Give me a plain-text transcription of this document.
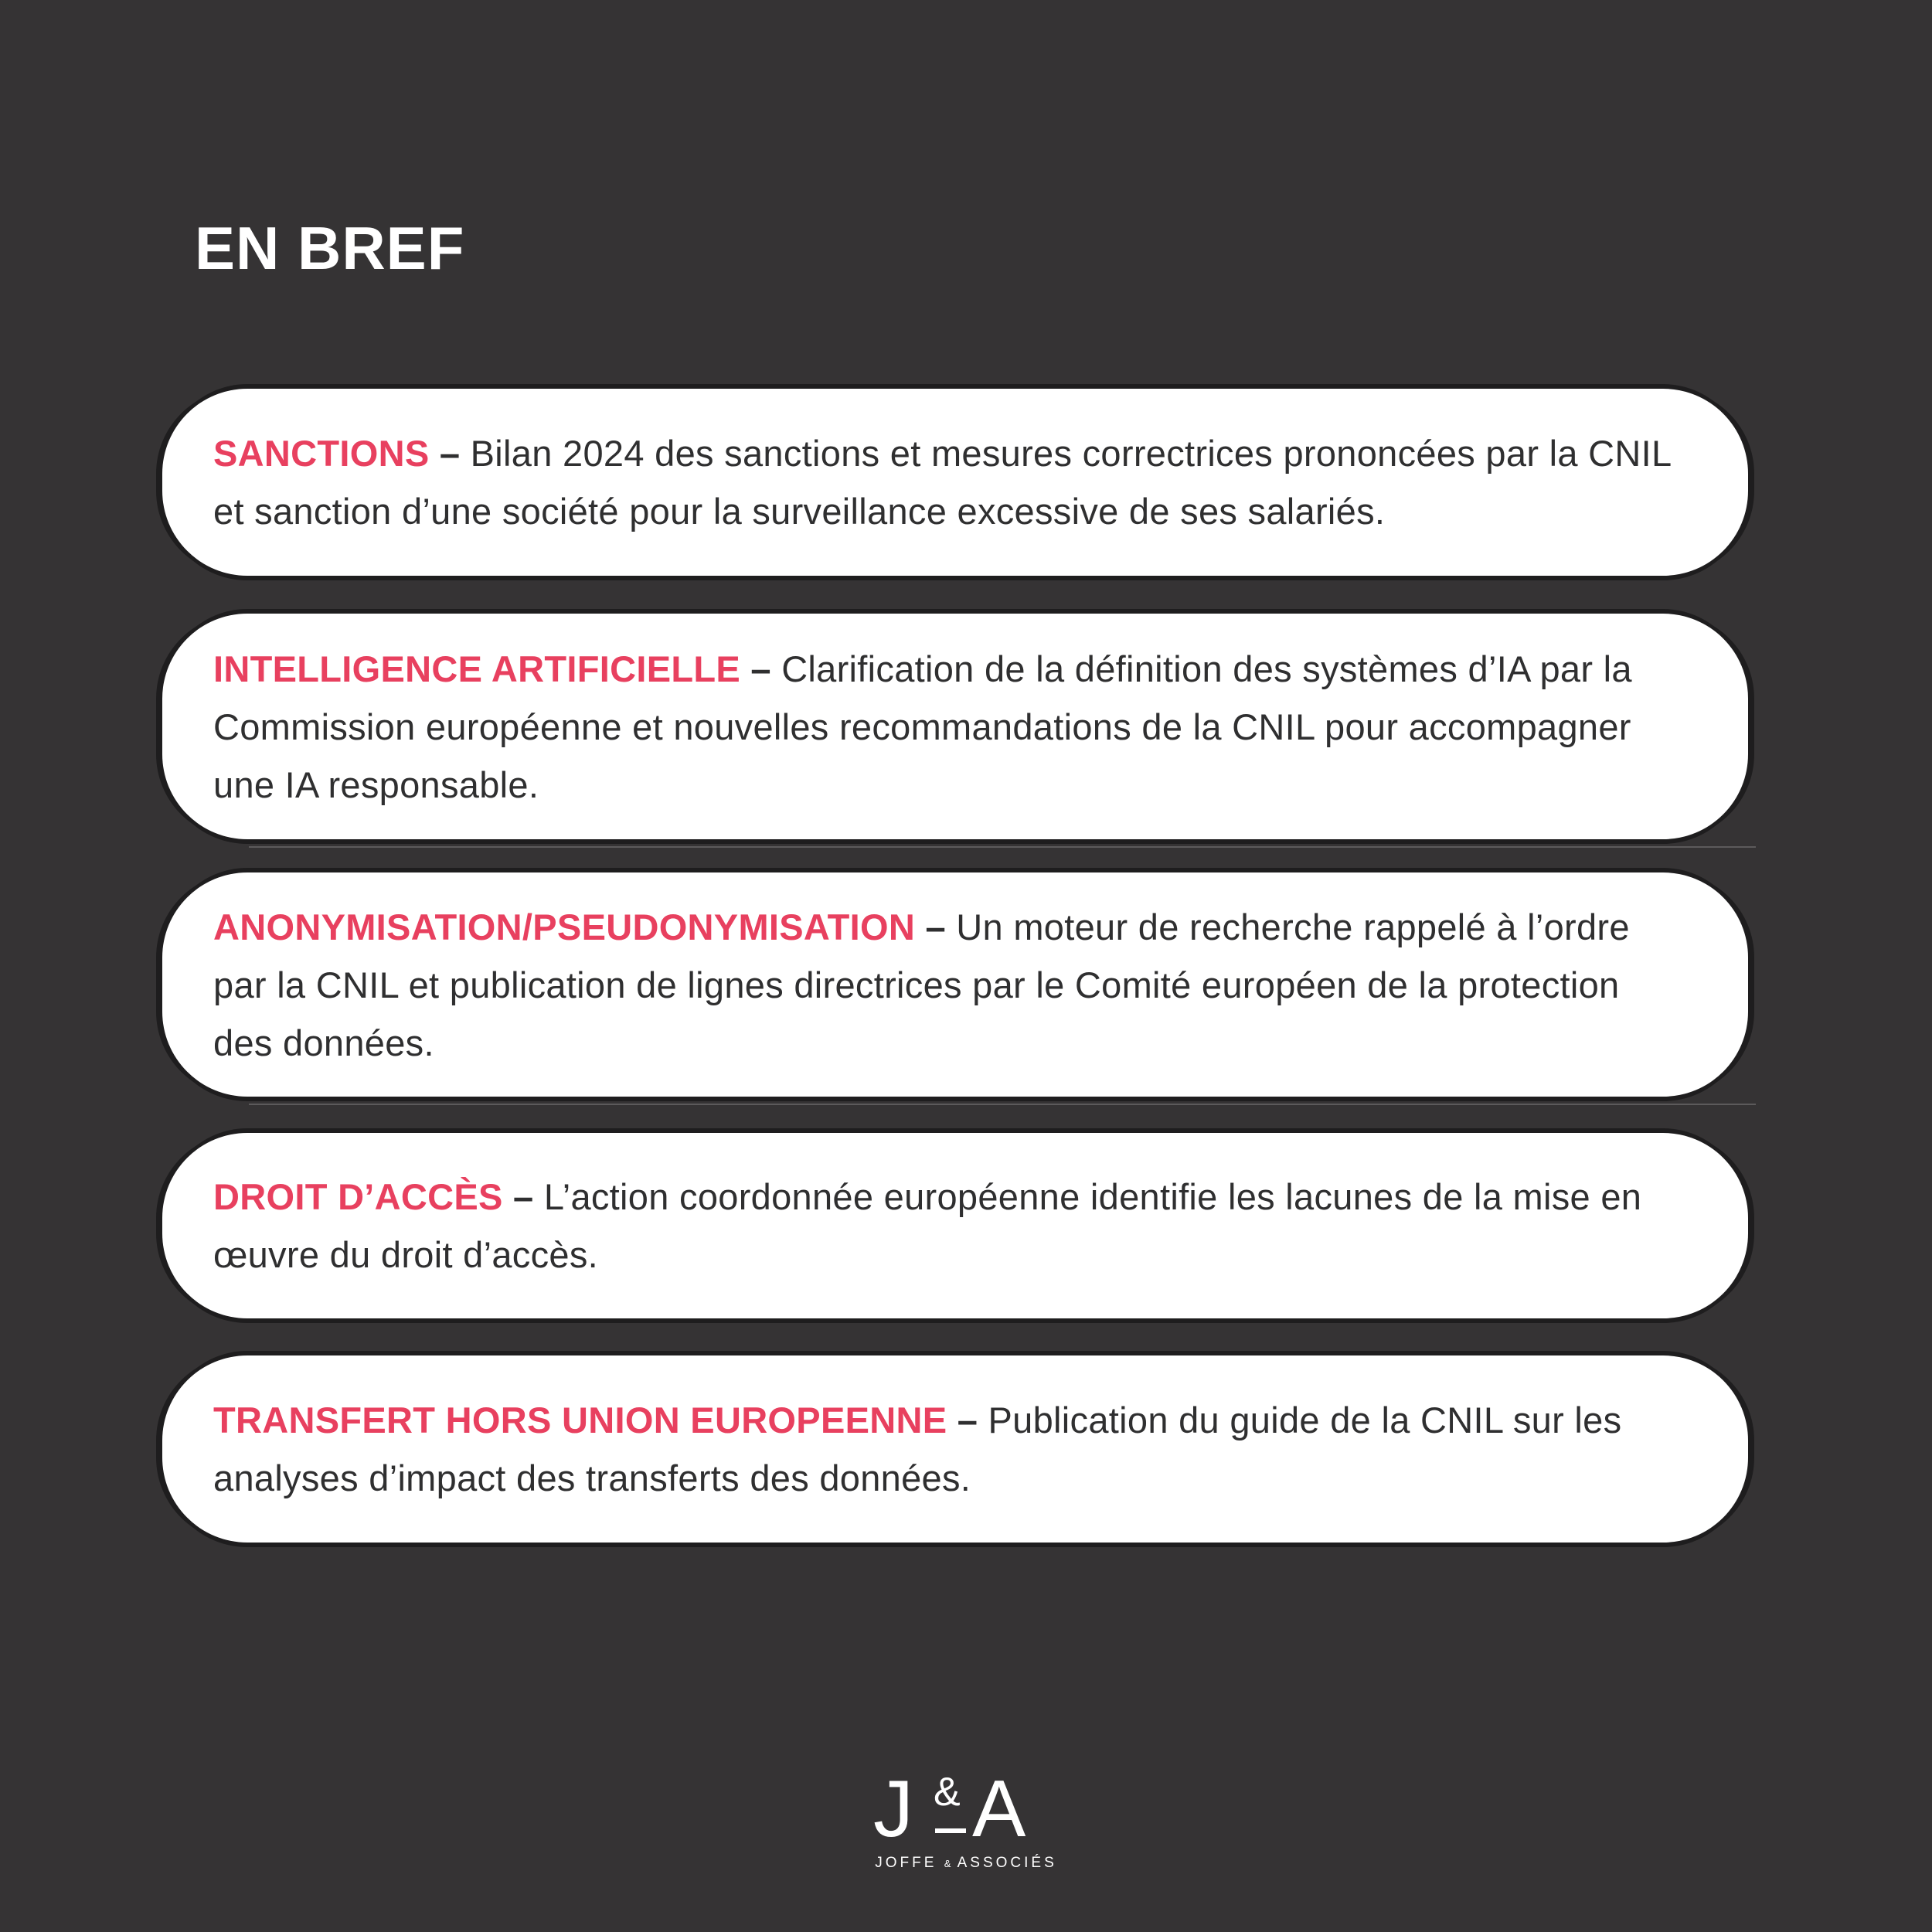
EN BREF

SANCTIONS – Bilan 2024 des sanctions et mesures correctrices prononcées par la CNIL et sanction d’une société pour la surveillance excessive de ses salariés.

INTELLIGENCE ARTIFICIELLE – Clarification de la définition des systèmes d’IA par la Commission européenne et nouvelles recommandations de la CNIL pour accompagner une IA responsable.

ANONYMISATION/PSEUDONYMISATION – Un moteur de recherche rappelé à l’ordre par la CNIL et publication de lignes directrices par le Comité européen de la protection des données.

DROIT D’ACCÈS – L’action coordonnée européenne identifie les lacunes de la mise en œuvre du droit d’accès.

TRANSFERT HORS UNION EUROPEENNE – Publication du guide de la CNIL sur les analyses d’impact des transferts des données.

J & A
JOFFE & ASSOCIÉS
